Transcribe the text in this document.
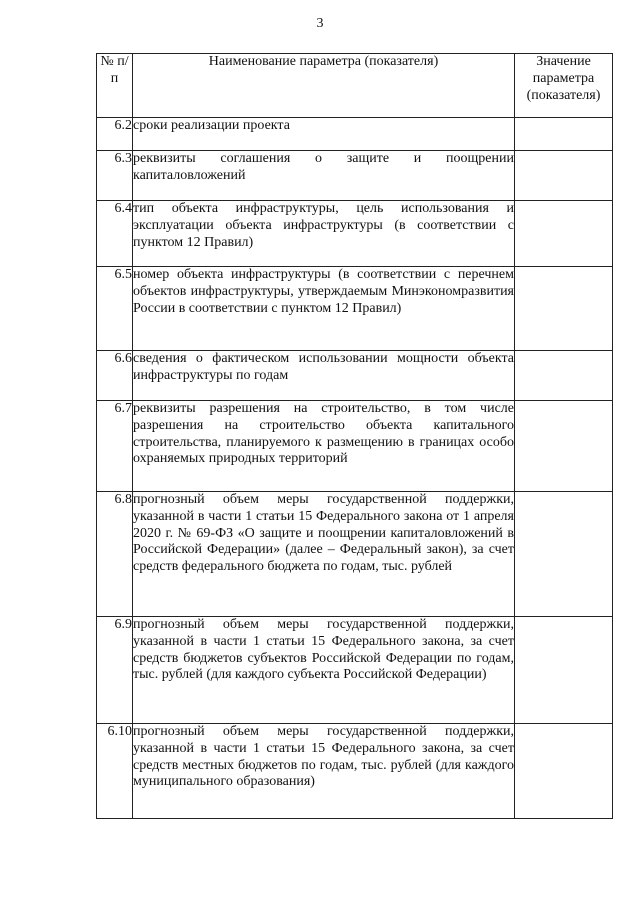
3
№ п/п	Наименование параметра (показателя)	Значение параметра (показателя)
6.2	сроки реализации проекта	
6.3	реквизиты соглашения о защите и поощрении капиталовложений	
6.4	тип объекта инфраструктуры, цель использования и эксплуатации объекта инфраструктуры (в соответствии с пунктом 12 Правил)	
6.5	номер объекта инфраструктуры (в соответствии с перечнем объектов инфраструктуры, утверждаемым Минэкономразвития России в соответствии с пунктом 12 Правил)	
6.6	сведения о фактическом использовании мощности объекта инфраструктуры по годам	
6.7	реквизиты разрешения на строительство, в том числе разрешения на строительство объекта капитального строительства, планируемого к размещению в границах особо охраняемых природных территорий	
6.8	прогнозный объем меры государственной поддержки, указанной в части 1 статьи 15 Федерального закона от 1 апреля 2020 г. № 69-ФЗ «О защите и поощрении капиталовложений в Российской Федерации» (далее – Федеральный закон), за счет средств федерального бюджета по годам, тыс. рублей	
6.9	прогнозный объем меры государственной поддержки, указанной в части 1 статьи 15 Федерального закона, за счет средств бюджетов субъектов Российской Федерации по годам, тыс. рублей (для каждого субъекта Российской Федерации)	
6.10	прогнозный объем меры государственной поддержки, указанной в части 1 статьи 15 Федерального закона, за счет средств местных бюджетов по годам, тыс. рублей (для каждого муниципального образования)	
